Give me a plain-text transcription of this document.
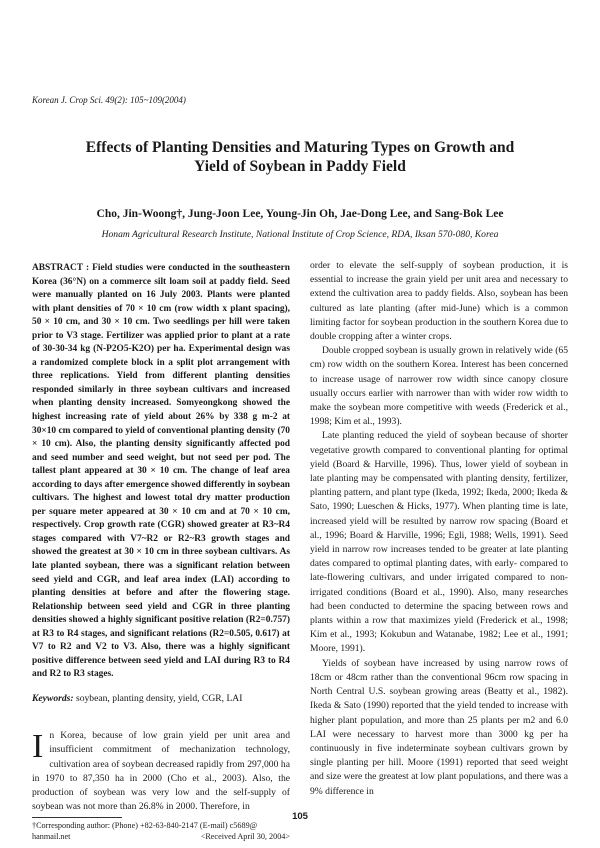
Korean J. Crop Sci. 49(2): 105~109(2004)
Effects of Planting Densities and Maturing Types on Growth and
Yield of Soybean in Paddy Field
Cho, Jin-Woong†, Jung-Joon Lee, Young-Jin Oh, Jae-Dong Lee, and Sang-Bok Lee
Honam Agricultural Research Institute, National Institute of Crop Science, RDA, Iksan 570-080, Korea

ABSTRACT : Field studies were conducted in the southeastern Korea (36°N) on a commerce silt loam soil at paddy field. Seed were manually planted on 16 July 2003. Plants were planted with plant densities of 70 × 10 cm (row width x plant spacing), 50 × 10 cm, and 30 × 10 cm. Two seedlings per hill were taken prior to V3 stage. Fertilizer was applied prior to plant at a rate of 30-30-34 kg (N-P2O5-K2O) per ha. Experimental design was a randomized complete block in a split plot arrangement with three replications. Yield from different planting densities responded similarly in three soybean cultivars and increased when planting density increased. Somyeongkong showed the highest increasing rate of yield about 26% by 338 g m-2 at 30×10 cm compared to yield of conventional planting density (70 × 10 cm). Also, the planting density significantly affected pod and seed number and seed weight, but not seed per pod. The tallest plant appeared at 30 × 10 cm. The change of leaf area according to days after emergence showed differently in soybean cultivars. The highest and lowest total dry matter production per square meter appeared at 30 × 10 cm and at 70 × 10 cm, respectively. Crop growth rate (CGR) showed greater at R3~R4 stages compared with V7~R2 or R2~R3 growth stages and showed the greatest at 30 × 10 cm in three soybean cultivars. As late planted soybean, there was a significant relation between seed yield and CGR, and leaf area index (LAI) according to planting densities at before and after the flowering stage. Relationship between seed yield and CGR in three planting densities showed a highly significant positive relation (R2=0.757) at R3 to R4 stages, and significant relations (R2=0.505, 0.617) at V7 to R2 and V2 to V3. Also, there was a highly significant positive difference between seed yield and LAI during R3 to R4 and R2 to R3 stages.

Keywords: soybean, planting density, yield, CGR, LAI

In Korea, because of low grain yield per unit area and insufficient commitment of mechanization technology, cultivation area of soybean decreased rapidly from 297,000 ha in 1970 to 87,350 ha in 2000 (Cho et al., 2003). Also, the production of soybean was very low and the self-supply of soybean was not more than 26.8% in 2000. Therefore, in

†Corresponding author: (Phone) +82-63-840-2147 (E-mail) c5689@
hanmail.net	<Received April 30, 2004>

order to elevate the self-supply of soybean production, it is essential to increase the grain yield per unit area and necessary to extend the cultivation area to paddy fields. Also, soybean has been cultured as late planting (after mid-June) which is a common limiting factor for soybean production in the southern Korea due to double cropping after a winter crops.

Double cropped soybean is usually grown in relatively wide (65 cm) row width on the southern Korea. Interest has been concerned to increase usage of narrower row width since canopy closure usually occurs earlier with narrower than with wider row width to make the soybean more competitive with weeds (Frederick et al., 1998; Kim et al., 1993).

Late planting reduced the yield of soybean because of shorter vegetative growth compared to conventional planting for optimal yield (Board & Harville, 1996). Thus, lower yield of soybean in late planting may be compensated with planting density, fertilizer, planting pattern, and plant type (Ikeda, 1992; Ikeda, 2000; Ikeda & Sato, 1990; Lueschen & Hicks, 1977). When planting time is late, increased yield will be resulted by narrow row spacing (Board et al., 1996; Board & Harville, 1996; Egli, 1988; Wells, 1991). Seed yield in narrow row increases tended to be greater at late planting dates compared to optimal planting dates, with early- compared to late-flowering cultivars, and under irrigated compared to non-irrigated conditions (Board et al., 1990). Also, many researches had been conducted to determine the spacing between rows and plants within a row that maximizes yield (Frederick et al., 1998; Kim et al., 1993; Kokubun and Watanabe, 1982; Lee et al., 1991; Moore, 1991).

Yields of soybean have increased by using narrow rows of 18cm or 48cm rather than the conventional 96cm row spacing in North Central U.S. soybean growing areas (Beatty et al., 1982). Ikeda & Sato (1990) reported that the yield tended to increase with higher plant population, and more than 25 plants per m2 and 6.0 LAI were necessary to harvest more than 3000 kg per ha continuously in five indeterminate soybean cultivars grown by single planting per hill. Moore (1991) reported that seed weight and size were the greatest at low plant populations, and there was a 9% difference in

105
